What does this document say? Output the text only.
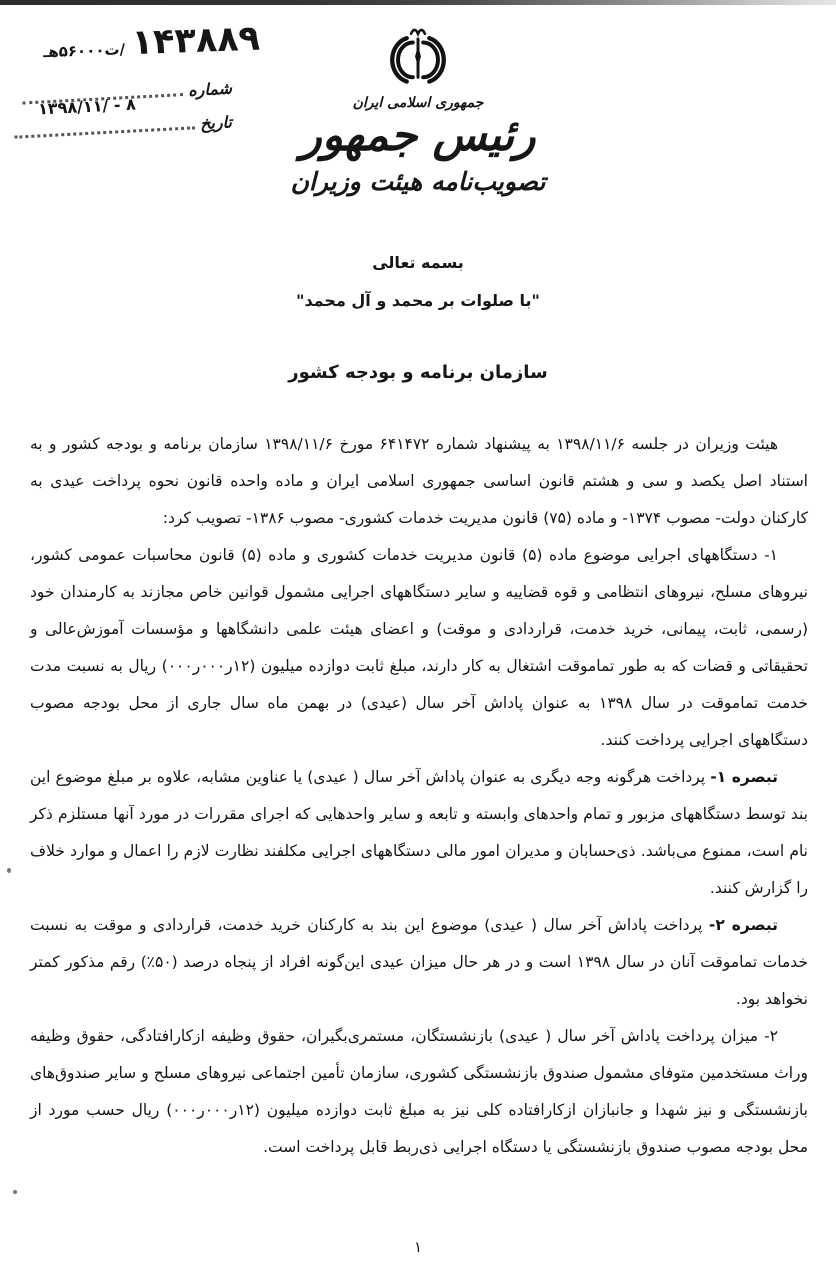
۱۴۳۸۸۹
/ت۵۶۰۰۰هـ
شماره
۱۳۹۸/۱۱/ - ۸
تاریخ
جمهوری اسلامی ایران
رئیس جمهور
تصویب‌نامه هیئت وزیران
بسمه تعالی
"با صلوات بر محمد و آل محمد"
سازمان برنامه و بودجه کشور

هیئت وزیران در جلسه ۱۳۹۸/۱۱/۶ به پیشنهاد شماره ۶۴۱۴۷۲ مورخ ۱۳۹۸/۱۱/۶ سازمان برنامه و بودجه کشور و به استناد اصل یکصد و سی و هشتم قانون اساسی جمهوری اسلامی ایران و ماده واحده قانون نحوه پرداخت عیدی به کارکنان دولت- مصوب ۱۳۷۴- و ماده (۷۵) قانون مدیریت خدمات کشوری- مصوب ۱۳۸۶- تصویب کرد:

۱- دستگاههای اجرایی موضوع ماده (۵) قانون مدیریت خدمات کشوری و ماده (۵) قانون محاسبات عمومی کشور، نیروهای مسلح، نیروهای انتظامی و قوه قضاییه و سایر دستگاههای اجرایی مشمول قوانین خاص مجازند به کارمندان خود (رسمی، ثابت، پیمانی، خرید خدمت، قراردادی و موقت) و اعضای هیئت علمی دانشگاهها و مؤسسات آموزش‌عالی و تحقیقاتی و قضات که به طور تماموقت اشتغال به کار دارند، مبلغ ثابت دوازده میلیون (۱۲ر۰۰۰ر۰۰۰) ریال به نسبت مدت خدمت تماموقت در سال ۱۳۹۸ به عنوان پاداش آخر سال (عیدی) در بهمن ماه سال جاری از محل بودجه مصوب دستگاههای اجرایی پرداخت کنند.

تبصره ۱- پرداخت هرگونه وجه دیگری به عنوان پاداش آخر سال ( عیدی) یا عناوین مشابه، علاوه بر مبلغ موضوع این بند توسط دستگاههای مزبور و تمام واحدهای وابسته و تابعه و سایر واحدهایی که اجرای مقررات در مورد آنها مستلزم ذکر نام است، ممنوع می‌باشد. ذی‌حسابان و مدیران امور مالی دستگاههای اجرایی مکلفند نظارت لازم را اعمال و موارد خلاف را گزارش کنند.

تبصره ۲- پرداخت پاداش آخر سال ( عیدی) موضوع این بند به کارکنان خرید خدمت، قراردادی و موقت به نسبت خدمات تماموقت آنان در سال ۱۳۹۸ است و در هر حال میزان عیدی این‌گونه افراد از پنجاه درصد (۵۰٪) رقم مذکور کمتر نخواهد بود.

۲- میزان پرداخت پاداش آخر سال ( عیدی) بازنشستگان، مستمری‌بگیران، حقوق وظیفه ازکارافتادگی، حقوق وظیفه وراث مستخدمین متوفای مشمول صندوق بازنشستگی کشوری، سازمان تأمین اجتماعی نیروهای مسلح و سایر صندوق‌های بازنشستگی و نیز شهدا و جانبازان ازکارافتاده کلی نیز به مبلغ ثابت دوازده میلیون (۱۲ر۰۰۰ر۰۰۰) ریال حسب مورد از محل بودجه مصوب صندوق بازنشستگی یا دستگاه اجرایی ذی‌ربط قابل پرداخت است.

۱
